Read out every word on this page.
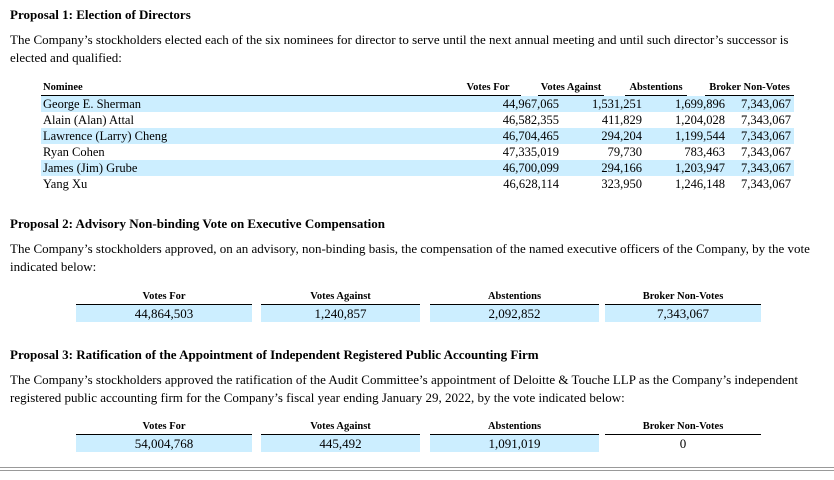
Proposal 1: Election of Directors
The Company’s stockholders elected each of the six nominees for director to serve until the next annual meeting and until such director’s successor is elected and qualified:
Nominee	Votes For	Votes Against	Abstentions	Broker Non-Votes
George E. Sherman	44,967,065	1,531,251	1,699,896	7,343,067
Alain (Alan) Attal	46,582,355	411,829	1,204,028	7,343,067
Lawrence (Larry) Cheng	46,704,465	294,204	1,199,544	7,343,067
Ryan Cohen	47,335,019	79,730	783,463	7,343,067
James (Jim) Grube	46,700,099	294,166	1,203,947	7,343,067
Yang Xu	46,628,114	323,950	1,246,148	7,343,067
Proposal 2: Advisory Non-binding Vote on Executive Compensation
The Company’s stockholders approved, on an advisory, non-binding basis, the compensation of the named executive officers of the Company, by the vote indicated below:
Votes For	Votes Against	Abstentions	Broker Non-Votes
44,864,503	1,240,857	2,092,852	7,343,067
Proposal 3: Ratification of the Appointment of Independent Registered Public Accounting Firm
The Company’s stockholders approved the ratification of the Audit Committee’s appointment of Deloitte & Touche LLP as the Company’s independent registered public accounting firm for the Company’s fiscal year ending January 29, 2022, by the vote indicated below:
Votes For	Votes Against	Abstentions	Broker Non-Votes
54,004,768	445,492	1,091,019	0
